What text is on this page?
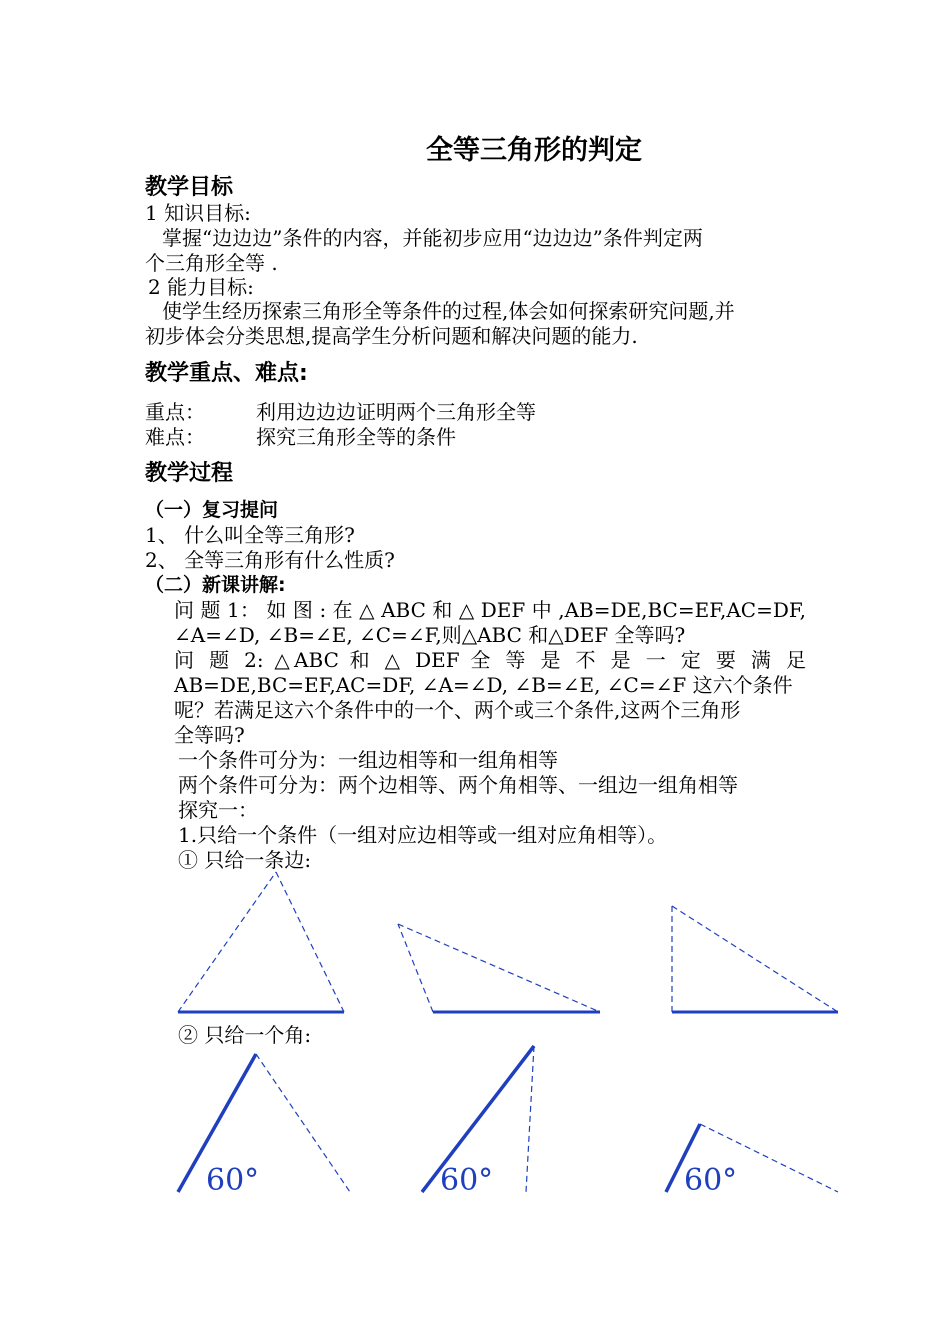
全等三角形的判定
教学目标
1 知识目标:
掌握“边边边”条件的内容，并能初步应用“边边边”条件判定两
个三角形全等 .
2 能力目标:
使学生经历探索三角形全等条件的过程,体会如何探索研究问题,并
初步体会分类思想,提高学生分析问题和解决问题的能力.
教学重点、难点:
重点：	利用边边边证明两个三角形全等
难点：	探究三角形全等的条件
教学过程
（一）复习提问
1、 什么叫全等三角形?
2、 全等三角形有什么性质?
（二）新课讲解:
问 题 1： 如 图 : 在 △ ABC 和 △ DEF 中 ,AB=DE,BC=EF,AC=DF,
∠A=∠D, ∠B=∠E, ∠C=∠F,则△ABC 和△DEF 全等吗?
问 题 2: △ABC 和 △ DEF 全 等 是 不 是 一 定 要 满 足
AB=DE,BC=EF,AC=DF, ∠A=∠D, ∠B=∠E, ∠C=∠F 这六个条件
呢？若满足这六个条件中的一个、两个或三个条件,这两个三角形
全等吗?
一个条件可分为：一组边相等和一组角相等
两个条件可分为：两个边相等、两个角相等、一组边一组角相等
探究一：
1.只给一个条件（一组对应边相等或一组对应角相等）。
① 只给一条边:
② 只给一个角:
60°	60°	60°
